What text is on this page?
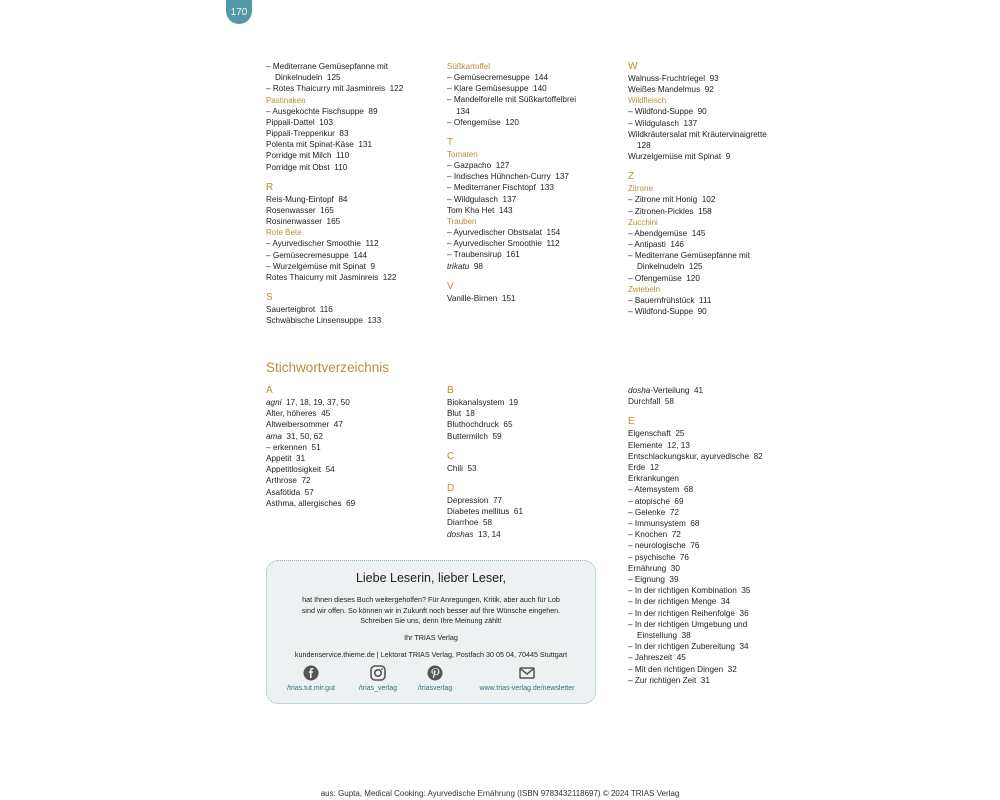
170
– Mediterrane Gemüsepfanne mit
Dinkelnudeln  125
– Rotes Thaicurry mit Jasminreis  122
Pastinaken
– Ausgekochte Fischsuppe  89
Pippali-Dattel  103
Pippali-Treppenkur  83
Polenta mit Spinat-Käse  131
Porridge mit Milch  110
Porridge mit Obst  110
R
Reis-Mung-Eintopf  84
Rosenwasser  165
Rosinenwasser  165
Rote Bete
– Ayurvedischer Smoothie  112
– Gemüsecremesuppe  144
– Wurzelgemüse mit Spinat  9
Rotes Thaicurry mit Jasminreis  122
S
Sauerteigbrot  116
Schwäbische Linsensuppe  133
Süßkartoffel
– Gemüsecremesuppe  144
– Klare Gemüsesuppe  140
– Mandelforelle mit Süßkartoffelbrei
134
– Ofengemüse  120
T
Tomaten
– Gazpacho  127
– Indisches Hühnchen-Curry  137
– Mediterraner Fischtopf  133
– Wildgulasch  137
Tom Kha Het  143
Trauben
– Ayurvedischer Obstsalat  154
– Ayurvedischer Smoothie  112
– Traubensirup  161
trikatu  98
V
Vanille-Birnen  151
W
Walnuss-Fruchtriegel  93
Weißes Mandelmus  92
Wildfleisch
– Wildfond-Suppe  90
– Wildgulasch  137
Wildkräutersalat mit Kräutervinaigrette
128
Wurzelgemüse mit Spinat  9
Z
Zitrone
– Zitrone mit Honig  102
– Zitronen-Pickles  158
Zucchini
– Abendgemüse  145
– Antipasti  146
– Mediterrane Gemüsepfanne mit
Dinkelnudeln  125
– Ofengemüse  120
Zwiebeln
– Bauernfrühstück  111
– Wildfond-Suppe  90
Stichwortverzeichnis
A
agni  17, 18, 19, 37, 50
Alter, höheres  45
Altweibersommer  47
ama  31, 50, 62
– erkennen  51
Appetit  31
Appetitlosigkeit  54
Arthrose  72
Asafötida  57
Asthma, allergisches  69
B
Biokanalsystem  19
Blut  18
Bluthochdruck  65
Buttermilch  59
C
Chili  53
D
Depression  77
Diabetes mellitus  61
Diarrhoe  58
doshas  13, 14
dosha-Verteilung  41
Durchfall  58
E
Eigenschaft  25
Elemente  12, 13
Entschlackungskur, ayurvedische  82
Erde  12
Erkrankungen
– Atemsystem  68
– atopische  69
– Gelenke  72
– Immunsystem  68
– Knochen  72
– neurologische  76
– psychische  76
Ernährung  30
– Eignung  39
– In der richtigen Kombination  35
– In der richtigen Menge  34
– In der richtigen Reihenfolge  36
– In der richtigen Umgebung und
Einstellung  38
– In der richtigen Zubereitung  34
– Jahreszeit  45
– Mit den richtigen Dingen  32
– Zur richtigen Zeit  31
Liebe Leserin, lieber Leser,
hat Ihnen dieses Buch weitergeholfen? Für Anregungen, Kritik, aber auch für Lob
sind wir offen. So können wir in Zukunft noch besser auf Ihre Wünsche eingehen.
Schreiben Sie uns, denn Ihre Meinung zählt!
Ihr TRIAS Verlag
kundenservice.thieme.de | Lektorat TRIAS Verlag, Postfach 30 05 04, 70445 Stuttgart
/trias.tut.mir.gut	/trias_verlag	/triasverlag	www.trias-verlag.de/newsletter
aus: Gupta, Medical Cooking: Ayurvedische Ernährung (ISBN 9783432118697) © 2024 TRIAS Verlag
